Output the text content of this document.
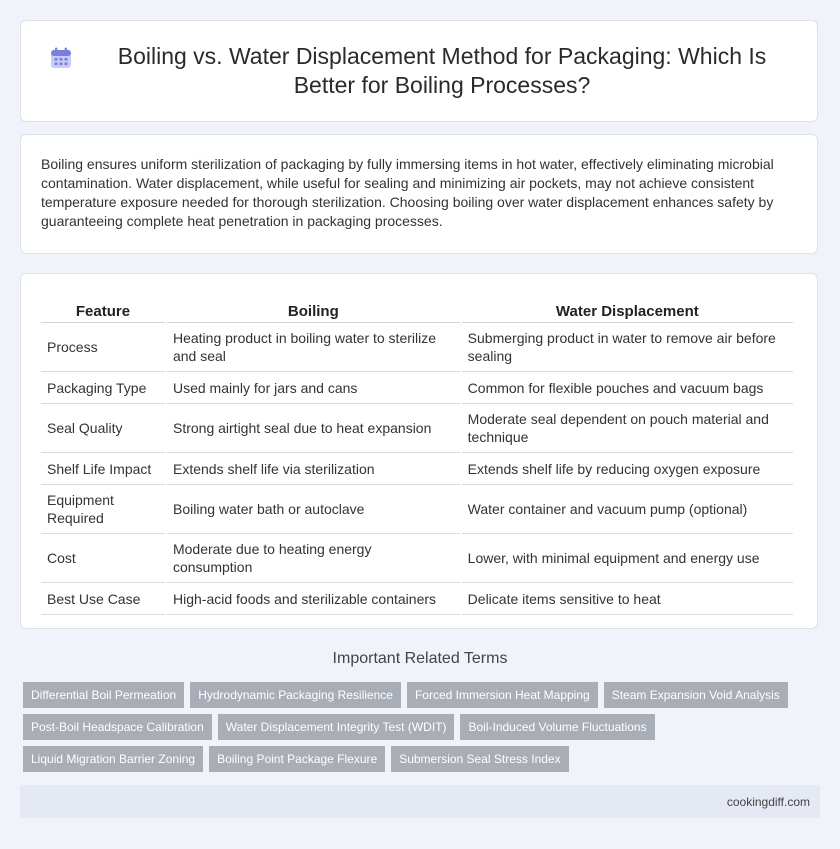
Boiling vs. Water Displacement Method for Packaging: Which Is Better for Boiling Processes?

Boiling ensures uniform sterilization of packaging by fully immersing items in hot water, effectively eliminating microbial contamination. Water displacement, while useful for sealing and minimizing air pockets, may not achieve consistent temperature exposure needed for thorough sterilization. Choosing boiling over water displacement enhances safety by guaranteeing complete heat penetration in packaging processes.

Feature	Boiling	Water Displacement
Process	Heating product in boiling water to sterilize and seal	Submerging product in water to remove air before sealing
Packaging Type	Used mainly for jars and cans	Common for flexible pouches and vacuum bags
Seal Quality	Strong airtight seal due to heat expansion	Moderate seal dependent on pouch material and technique
Shelf Life Impact	Extends shelf life via sterilization	Extends shelf life by reducing oxygen exposure
Equipment Required	Boiling water bath or autoclave	Water container and vacuum pump (optional)
Cost	Moderate due to heating energy consumption	Lower, with minimal equipment and energy use
Best Use Case	High-acid foods and sterilizable containers	Delicate items sensitive to heat
Important Related Terms
Differential Boil Permeation	Hydrodynamic Packaging Resilience	Forced Immersion Heat Mapping	Steam Expansion Void Analysis
Post-Boil Headspace Calibration	Water Displacement Integrity Test (WDIT)	Boil-Induced Volume Fluctuations
Liquid Migration Barrier Zoning	Boiling Point Package Flexure	Submersion Seal Stress Index
cookingdiff.com
